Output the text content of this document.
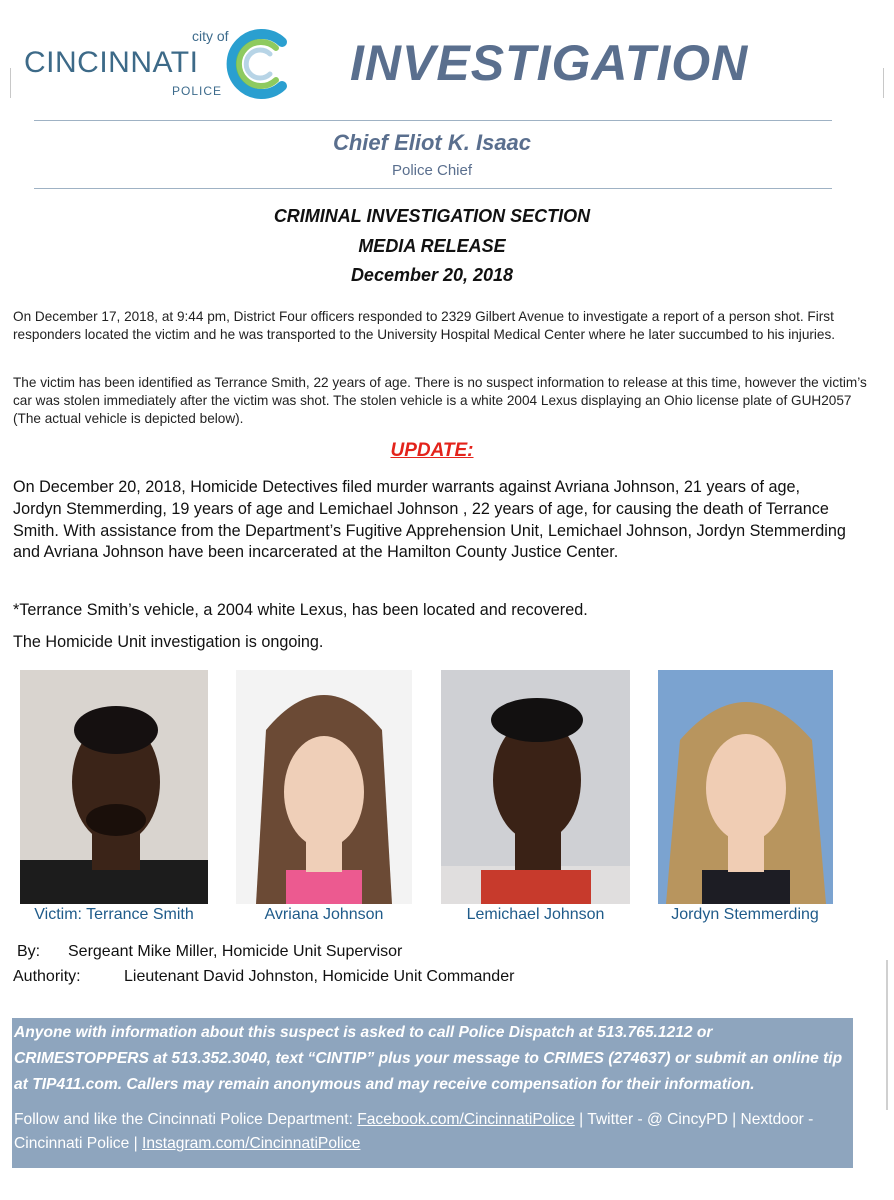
city of
CINCINNATI
POLICE	INVESTIGATION
Chief Eliot K. Isaac
Police Chief
CRIMINAL INVESTIGATION SECTION
MEDIA RELEASE
December 20, 2018
On December 17, 2018, at 9:44 pm, District Four officers responded to 2329 Gilbert Avenue to investigate a report of a person shot. First responders located the victim and he was transported to the University Hospital Medical Center where he later succumbed to his injuries.
The victim has been identified as Terrance Smith, 22 years of age. There is no suspect information to release at this time, however the victim’s car was stolen immediately after the victim was shot. The stolen vehicle is a white 2004 Lexus displaying an Ohio license plate of GUH2057 (The actual vehicle is depicted below).
UPDATE:
On December 20, 2018, Homicide Detectives filed murder warrants against Avriana Johnson, 21 years of age, Jordyn Stemmerding, 19 years of age and Lemichael Johnson , 22 years of age, for causing the death of Terrance Smith. With assistance from the Department’s Fugitive Apprehension Unit, Lemichael Johnson, Jordyn Stemmerding and Avriana Johnson have been incarcerated at the Hamilton County Justice Center.
*Terrance Smith’s vehicle, a 2004 white Lexus, has been located and recovered.
The Homicide Unit investigation is ongoing.
Victim: Terrance Smith	Avriana Johnson	Lemichael Johnson	Jordyn Stemmerding
By: Sergeant Mike Miller, Homicide Unit Supervisor
Authority:	Lieutenant David Johnston, Homicide Unit Commander
Anyone with information about this suspect is asked to call Police Dispatch at 513.765.1212 or CRIMESTOPPERS at 513.352.3040, text “CINTIP” plus your message to CRIMES (274637) or submit an online tip at TIP411.com. Callers may remain anonymous and may receive compensation for their information.
Follow and like the Cincinnati Police Department: Facebook.com/CincinnatiPolice | Twitter - @ CincyPD | Nextdoor - Cincinnati Police | Instagram.com/CincinnatiPolice
